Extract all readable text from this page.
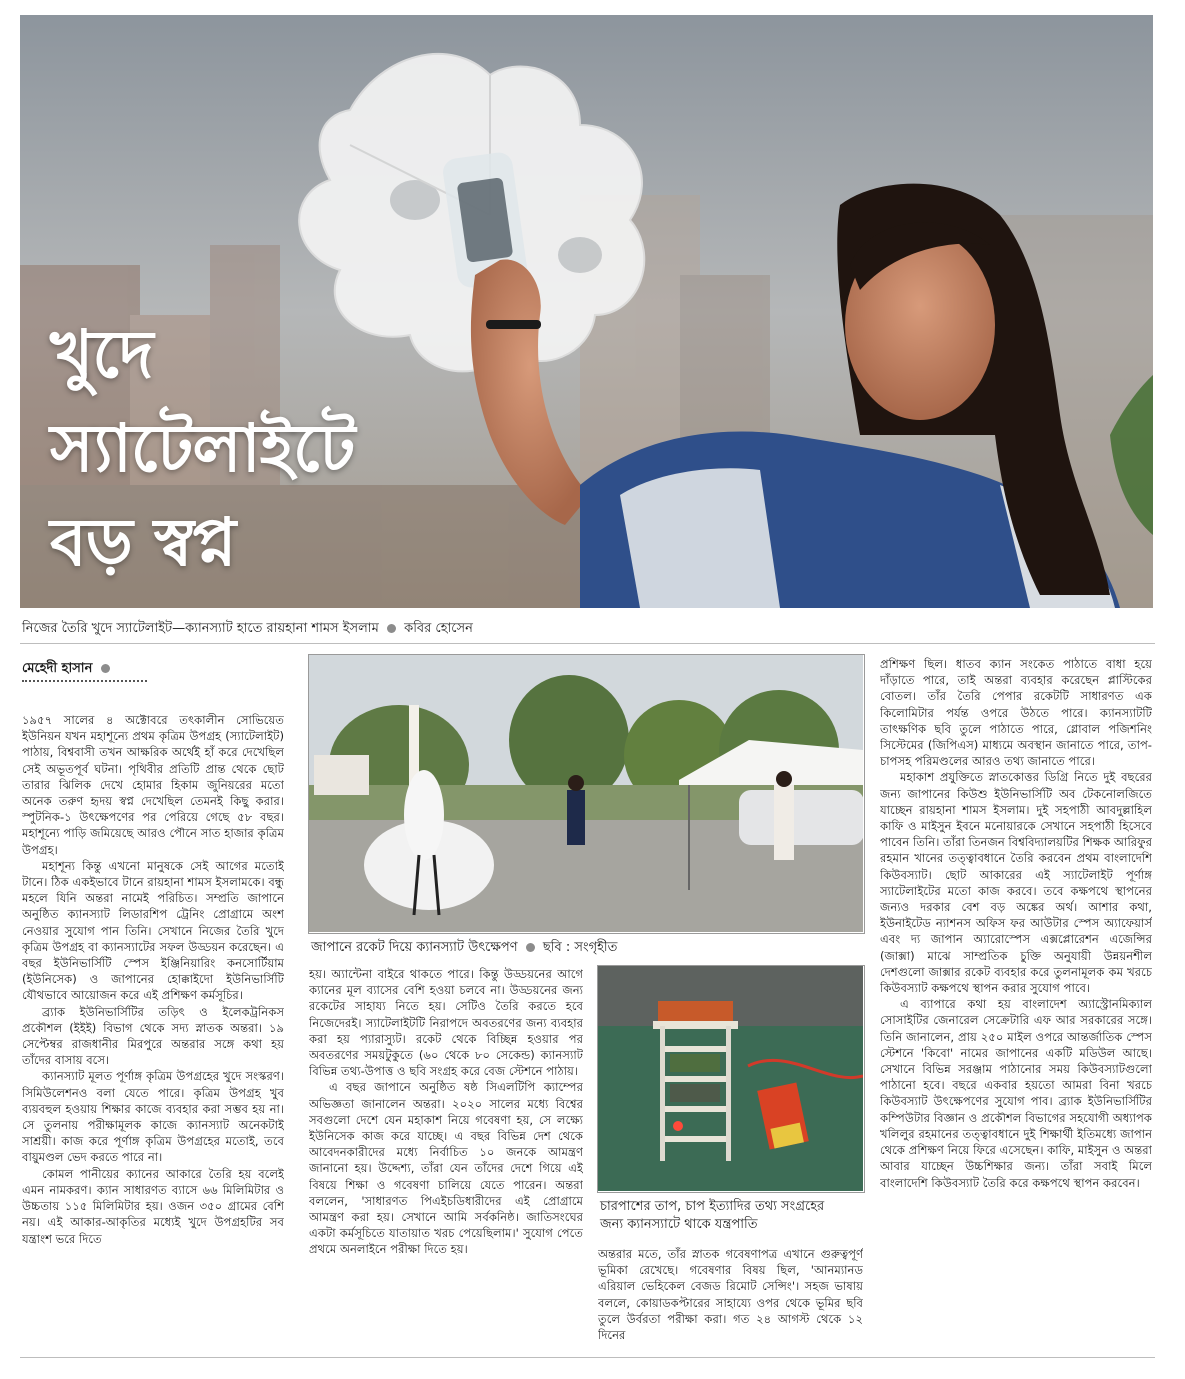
খুদে
স্যাটেলাইটে
বড় স্বপ্ন
নিজের তৈরি খুদে স্যাটেলাইট—ক্যানস্যাট হাতে রায়হানা শামস ইসলাম কবির হোসেন
মেহেদী হাসান

১৯৫৭ সালের ৪ অক্টোবরে তৎকালীন সোভিয়েত ইউনিয়ন যখন মহাশূন্যে প্রথম কৃত্রিম উপগ্রহ (স্যাটেলাইট) পাঠায়, বিশ্ববাসী তখন আক্ষরিক অর্থেই হাঁ করে দেখেছিল সেই অভূতপূর্ব ঘটনা। পৃথিবীর প্রতিটি প্রান্ত থেকে ছোট তারার ঝিলিক দেখে হোমার হিকাম জুনিয়রের মতো অনেক তরুণ হৃদয় স্বপ্ন দেখেছিল তেমনই কিছু করার। স্পুটনিক-১ উৎক্ষেপণের পর পেরিয়ে গেছে ৫৮ বছর। মহাশূন্যে পাড়ি জমিয়েছে আরও পৌনে সাত হাজার কৃত্রিম উপগ্রহ।

মহাশূন্য কিন্তু এখনো মানুষকে সেই আগের মতোই টানে। ঠিক একইভাবে টানে রায়হানা শামস ইসলামকে। বন্ধু মহলে যিনি অন্তরা নামেই পরিচিত। সম্প্রতি জাপানে অনুষ্ঠিত ক্যানস্যাট লিডারশিপ ট্রেনিং প্রোগ্রামে অংশ নেওয়ার সুযোগ পান তিনি। সেখানে নিজের তৈরি খুদে কৃত্রিম উপগ্রহ বা ক্যানস্যাটের সফল উড্ডয়ন করেছেন। এ বছর ইউনিভার্সিটি স্পেস ইঞ্জিনিয়ারিং কনসোর্টিয়াম (ইউনিসেক) ও জাপানের হোক্কাইদো ইউনিভার্সিটি যৌথভাবে আয়োজন করে এই প্রশিক্ষণ কর্মসূচির।

ব্র্যাক ইউনিভার্সিটির তড়িৎ ও ইলেকট্রনিকস প্রকৌশল (ইইই) বিভাগ থেকে সদ্য স্নাতক অন্তরা। ১৯ সেপ্টেম্বর রাজধানীর মিরপুরে অন্তরার সঙ্গে কথা হয় তাঁদের বাসায় বসে।

ক্যানস্যাট মূলত পূর্ণাঙ্গ কৃত্রিম উপগ্রহের খুদে সংস্করণ। সিমিউলেশনও বলা যেতে পারে। কৃত্রিম উপগ্রহ খুব ব্যয়বহুল হওয়ায় শিক্ষার কাজে ব্যবহার করা সম্ভব হয় না। সে তুলনায় পরীক্ষামূলক কাজে ক্যানস্যাট অনেকটাই সাশ্রয়ী। কাজ করে পূর্ণাঙ্গ কৃত্রিম উপগ্রহের মতোই, তবে বায়ুমণ্ডল ভেদ করতে পারে না।

কোমল পানীয়ের ক্যানের আকারে তৈরি হয় বলেই এমন নামকরণ। ক্যান সাধারণত ব্যাসে ৬৬ মিলিমিটার ও উচ্চতায় ১১৫ মিলিমিটার হয়। ওজন ৩৫০ গ্রামের বেশি নয়। এই আকার-আকৃতির মধ্যেই খুদে উপগ্রহটির সব যন্ত্রাংশ ভরে দিতে

জাপানে রকেট দিয়ে ক্যানস্যাট উৎক্ষেপণ ছবি : সংগৃহীত

হয়। অ্যান্টেনা বাইরে থাকতে পারে। কিন্তু উড্ডয়নের আগে ক্যানের মূল ব্যাসের বেশি হওয়া চলবে না। উড্ডয়নের জন্য রকেটের সাহায্য নিতে হয়। সেটিও তৈরি করতে হবে নিজেদেরই। স্যাটেলাইটটি নিরাপদে অবতরণের জন্য ব্যবহার করা হয় প্যারাস্যুট। রকেট থেকে বিচ্ছিন্ন হওয়ার পর অবতরণের সময়টুকুতে (৬০ থেকে ৮০ সেকেন্ড) ক্যানস্যাট বিভিন্ন তথ্য-উপাত্ত ও ছবি সংগ্রহ করে বেজ স্টেশনে পাঠায়।

এ বছর জাপানে অনুষ্ঠিত ষষ্ঠ সিএলটিপি ক্যাম্পের অভিজ্ঞতা জানালেন অন্তরা। ২০২০ সালের মধ্যে বিশ্বের সবগুলো দেশে যেন মহাকাশ নিয়ে গবেষণা হয়, সে লক্ষ্যে ইউনিসেক কাজ করে যাচ্ছে। এ বছর বিভিন্ন দেশ থেকে আবেদনকারীদের মধ্যে নির্বাচিত ১০ জনকে আমন্ত্রণ জানানো হয়। উদ্দেশ্য, তাঁরা যেন তাঁদের দেশে গিয়ে এই বিষয়ে শিক্ষা ও গবেষণা চালিয়ে যেতে পারেন। অন্তরা বললেন, 'সাধারণত পিএইচডিধারীদের এই প্রোগ্রামে আমন্ত্রণ করা হয়। সেখানে আমি সর্বকনিষ্ঠ। জাতিসংঘের একটা কর্মসূচিতে যাতায়াত খরচ পেয়েছিলাম।' সুযোগ পেতে প্রথমে অনলাইনে পরীক্ষা দিতে হয়।

চারপাশের তাপ, চাপ ইত্যাদির তথ্য সংগ্রহের
জন্য ক্যানস্যাটে থাকে যন্ত্রপাতি

অন্তরার মতে, তাঁর স্নাতক গবেষণাপত্র এখানে গুরুত্বপূর্ণ ভূমিকা রেখেছে। গবেষণার বিষয় ছিল, 'আনম্যানড এরিয়াল ভেহিকেল বেজড রিমোট সেন্সিং'। সহজ ভাষায় বললে, কোয়াডকপ্টারের সাহায্যে ওপর থেকে ভূমির ছবি তুলে উর্বরতা পরীক্ষা করা। গত ২৪ আগস্ট থেকে ১২ দিনের

প্রশিক্ষণ ছিল। ধাতব ক্যান সংকেত পাঠাতে বাধা হয়ে দাঁড়াতে পারে, তাই অন্তরা ব্যবহার করেছেন প্লাস্টিকের বোতল। তাঁর তৈরি পেপার রকেটটি সাধারণত এক কিলোমিটার পর্যন্ত ওপরে উঠতে পারে। ক্যানস্যাটটি তাৎক্ষণিক ছবি তুলে পাঠাতে পারে, গ্লোবাল পজিশনিং সিস্টেমের (জিপিএস) মাধ্যমে অবস্থান জানাতে পারে, তাপ-চাপসহ পরিমণ্ডলের আরও তথ্য জানাতে পারে।

মহাকাশ প্রযুক্তিতে স্নাতকোত্তর ডিগ্রি নিতে দুই বছরের জন্য জাপানের কিউশু ইউনিভার্সিটি অব টেকনোলজিতে যাচ্ছেন রায়হানা শামস ইসলাম। দুই সহপাঠী আবদুল্লাহিল কাফি ও মাইসুন ইবনে মনোয়ারকে সেখানে সহপাঠী হিসেবে পাবেন তিনি। তাঁরা তিনজন বিশ্ববিদ্যালয়টির শিক্ষক আরিফুর রহমান খানের তত্ত্বাবধানে তৈরি করবেন প্রথম বাংলাদেশি কিউবস্যাট। ছোট আকারের এই স্যাটেলাইট পূর্ণাঙ্গ স্যাটেলাইটের মতো কাজ করবে। তবে কক্ষপথে স্থাপনের জন্যও দরকার বেশ বড় অঙ্কের অর্থ। আশার কথা, ইউনাইটেড ন্যাশনস অফিস ফর আউটার স্পেস অ্যাফেয়ার্স এবং দ্য জাপান অ্যারোস্পেস এক্সপ্লোরেশন এজেন্সির (জাক্সা) মাঝে সাম্প্রতিক চুক্তি অনুযায়ী উন্নয়নশীল দেশগুলো জাক্সার রকেট ব্যবহার করে তুলনামূলক কম খরচে কিউবস্যাট কক্ষপথে স্থাপন করার সুযোগ পাবে।

এ ব্যাপারে কথা হয় বাংলাদেশ অ্যাস্ট্রোনমিক্যাল সোসাইটির জেনারেল সেক্রেটারি এফ আর সরকারের সঙ্গে। তিনি জানালেন, প্রায় ২৫০ মাইল ওপরে আন্তর্জাতিক স্পেস স্টেশনে 'কিবো' নামের জাপানের একটি মডিউল আছে। সেখানে বিভিন্ন সরঞ্জাম পাঠানোর সময় কিউবস্যাটগুলো পাঠানো হবে। বছরে একবার হয়তো আমরা বিনা খরচে কিউবস্যাট উৎক্ষেপণের সুযোগ পাব। ব্র্যাক ইউনিভার্সিটির কম্পিউটার বিজ্ঞান ও প্রকৌশল বিভাগের সহযোগী অধ্যাপক খলিলুর রহমানের তত্ত্বাবধানে দুই শিক্ষার্থী ইতিমধ্যে জাপান থেকে প্রশিক্ষণ নিয়ে ফিরে এসেছেন। কাফি, মাইসুন ও অন্তরা আবার যাচ্ছেন উচ্চশিক্ষার জন্য। তাঁরা সবাই মিলে বাংলাদেশি কিউবস্যাট তৈরি করে কক্ষপথে স্থাপন করবেন।
